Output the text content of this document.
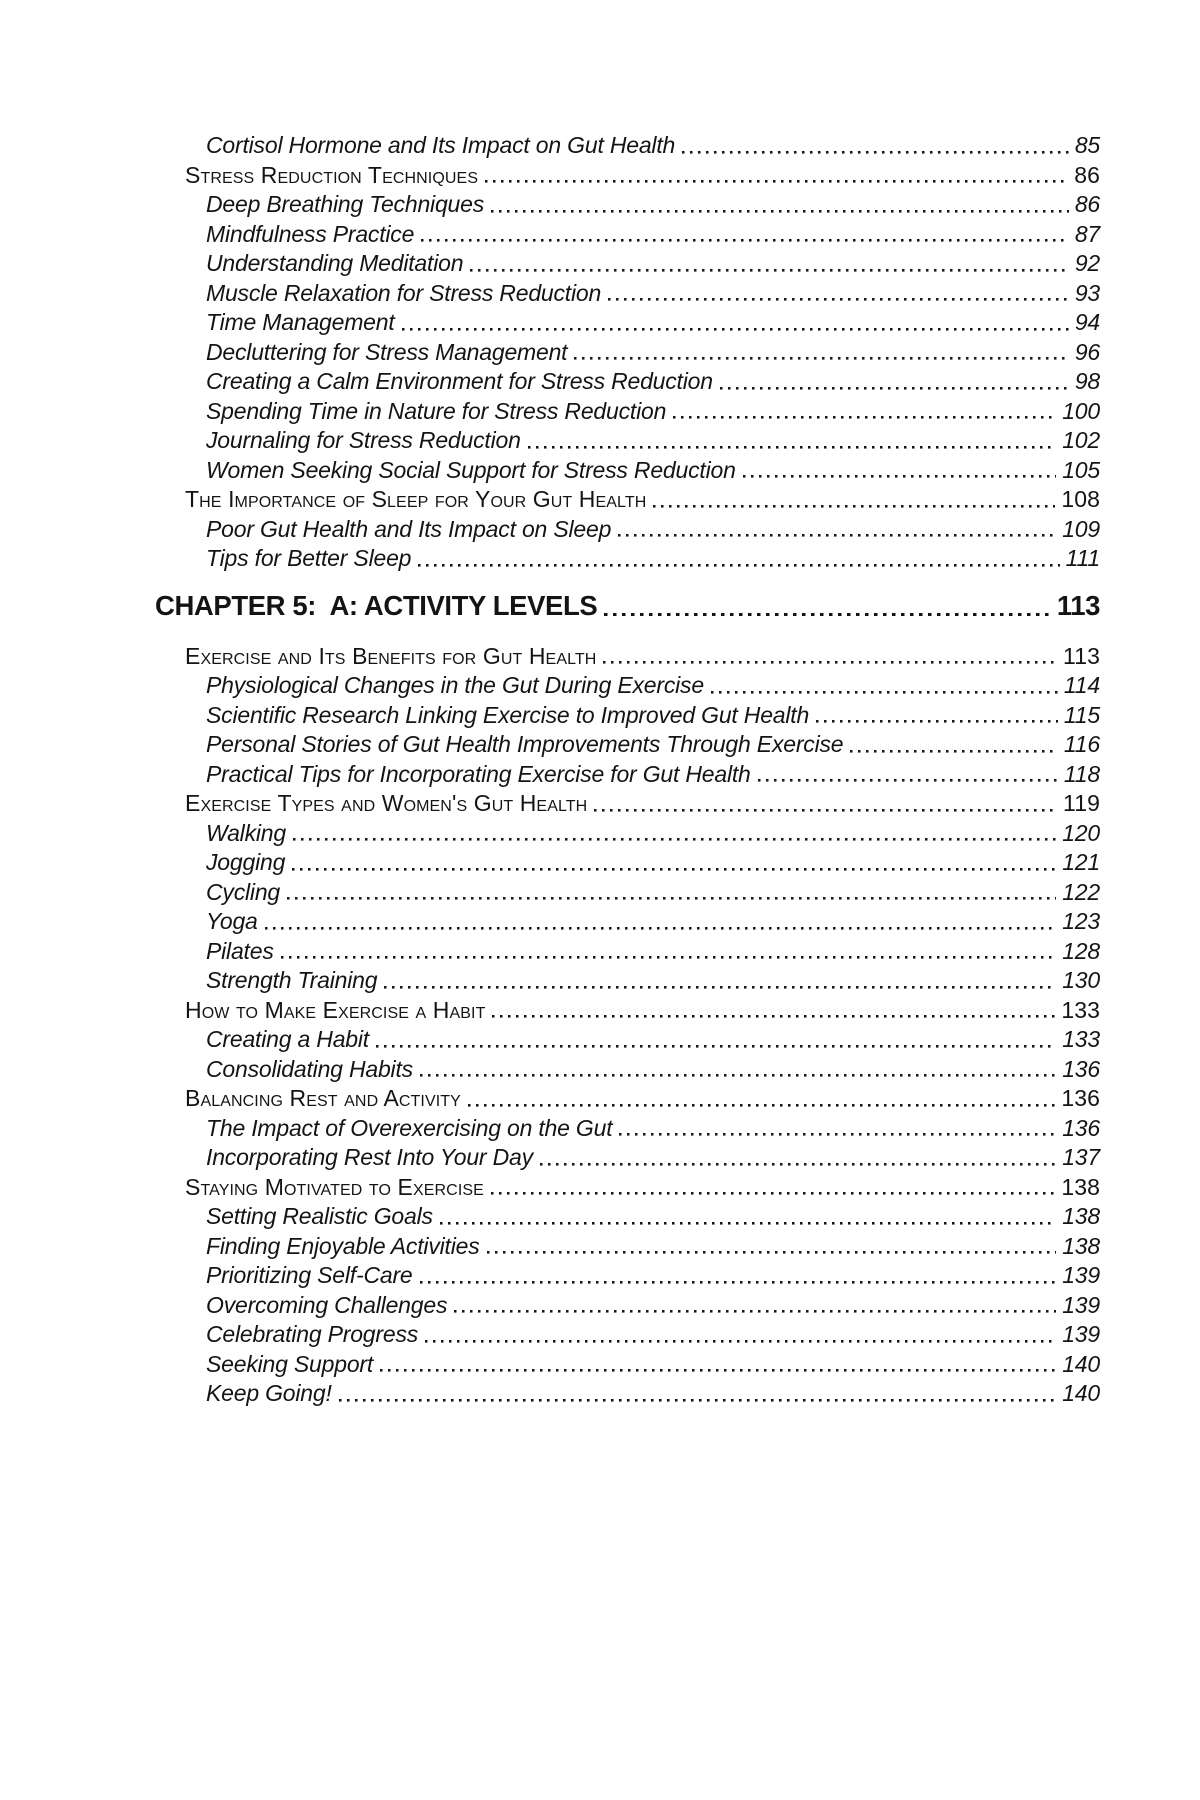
Cortisol Hormone and Its Impact on Gut Health	85
Stress Reduction Techniques	86
Deep Breathing Techniques	86
Mindfulness Practice	87
Understanding Meditation	92
Muscle Relaxation for Stress Reduction	93
Time Management	94
Decluttering for Stress Management	96
Creating a Calm Environment for Stress Reduction	98
Spending Time in Nature for Stress Reduction	100
Journaling for Stress Reduction	102
Women Seeking Social Support for Stress Reduction	105
The Importance of Sleep for Your Gut Health	108
Poor Gut Health and Its Impact on Sleep	109
Tips for Better Sleep	111
CHAPTER 5:  A: ACTIVITY LEVELS	113
Exercise and Its Benefits for Gut Health	113
Physiological Changes in the Gut During Exercise	114
Scientific Research Linking Exercise to Improved Gut Health	115
Personal Stories of Gut Health Improvements Through Exercise	116
Practical Tips for Incorporating Exercise for Gut Health	118
Exercise Types and Women's Gut Health	119
Walking	120
Jogging	121
Cycling	122
Yoga	123
Pilates	128
Strength Training	130
How to Make Exercise a Habit	133
Creating a Habit	133
Consolidating Habits	136
Balancing Rest and Activity	136
The Impact of Overexercising on the Gut	136
Incorporating Rest Into Your Day	137
Staying Motivated to Exercise	138
Setting Realistic Goals	138
Finding Enjoyable Activities	138
Prioritizing Self-Care	139
Overcoming Challenges	139
Celebrating Progress	139
Seeking Support	140
Keep Going!	140
